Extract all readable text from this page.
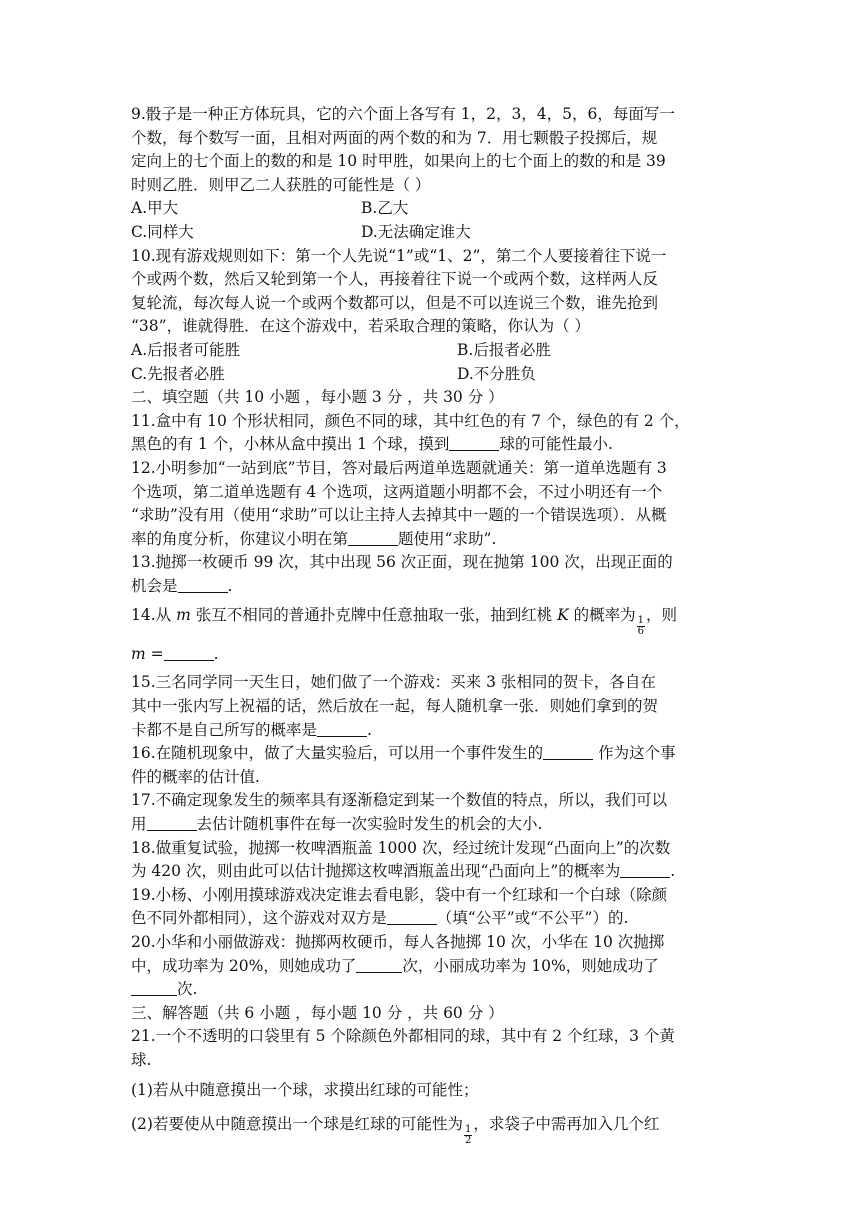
9.骰子是一种正方体玩具，它的六个面上各写有 1，2，3，4，5，6，每面写一

个数，每个数写一面，且相对两面的两个数的和为 7．用七颗骰子投掷后，规

定向上的七个面上的数的和是 10 时甲胜，如果向上的七个面上的数的和是 39

时则乙胜．则甲乙二人获胜的可能性是（ ）

A.甲大	B.乙大
C.同样大	D.无法确定谁大

10.现有游戏规则如下：第一个人先说“1”或“1、2”，第二个人要接着往下说一

个或两个数，然后又轮到第一个人，再接着往下说一个或两个数，这样两人反

复轮流，每次每人说一个或两个数都可以，但是不可以连说三个数，谁先抢到

“38”，谁就得胜．在这个游戏中，若采取合理的策略，你认为（ ）

A.后报者可能胜	B.后报者必胜
C.先报者必胜	D.不分胜负

二、填空题（共 10 小题 ，每小题 3 分 ，共 30 分 ）

11.盒中有 10 个形状相同，颜色不同的球，其中红色的有 7 个，绿色的有 2 个，

黑色的有 1 个，小林从盒中摸出 1 个球，摸到	球的可能性最小.

12.小明参加“一站到底”节目，答对最后两道单选题就通关：第一道单选题有 3

个选项，第二道单选题有 4 个选项，这两道题小明都不会，不过小明还有一个

“求助”没有用（使用“求助”可以让主持人去掉其中一题的一个错误选项）．从概

率的角度分析，你建议小明在第	题使用“求助”.

13.抛掷一枚硬币 99 次，其中出现 56 次正面，现在抛第 100 次，出现正面的

机会是	.

14.从 m 张互不相同的普通扑克牌中任意抽取一张，抽到红桃 K 的概率为
$\frac{1}{6}$
，则

m =	.

15.三名同学同一天生日，她们做了一个游戏：买来 3 张相同的贺卡，各自在

其中一张内写上祝福的话，然后放在一起，每人随机拿一张．则她们拿到的贺

卡都不是自己所写的概率是	.

16.在随机现象中，做了大量实验后，可以用一个事件发生的	作为这个事

件的概率的估计值.

17.不确定现象发生的频率具有逐渐稳定到某一个数值的特点，所以，我们可以

用	去估计随机事件在每一次实验时发生的机会的大小.

18.做重复试验，抛掷一枚啤酒瓶盖 1000 次，经过统计发现“凸面向上”的次数

为 420 次，则由此可以估计抛掷这枚啤酒瓶盖出现“凸面向上”的概率为	.

19.小杨、小刚用摸球游戏决定谁去看电影，袋中有一个红球和一个白球（除颜

色不同外都相同），这个游戏对双方是	（填“公平”或“不公平”）的.

20.小华和小丽做游戏：抛掷两枚硬币，每人各抛掷 10 次，小华在 10 次抛掷

中，成功率为 20%，则她成功了	次，小丽成功率为 10%，则她成功了

次.

三、解答题（共 6 小题 ，每小题 10 分 ，共 60 分 ）

21.一个不透明的口袋里有 5 个除颜色外都相同的球，其中有 2 个红球，3 个黄

球.

(1)若从中随意摸出一个球，求摸出红球的可能性；

(2)若要使从中随意摸出一个球是红球的可能性为
$\frac{1}{2}$
，求袋子中需再加入几个红
